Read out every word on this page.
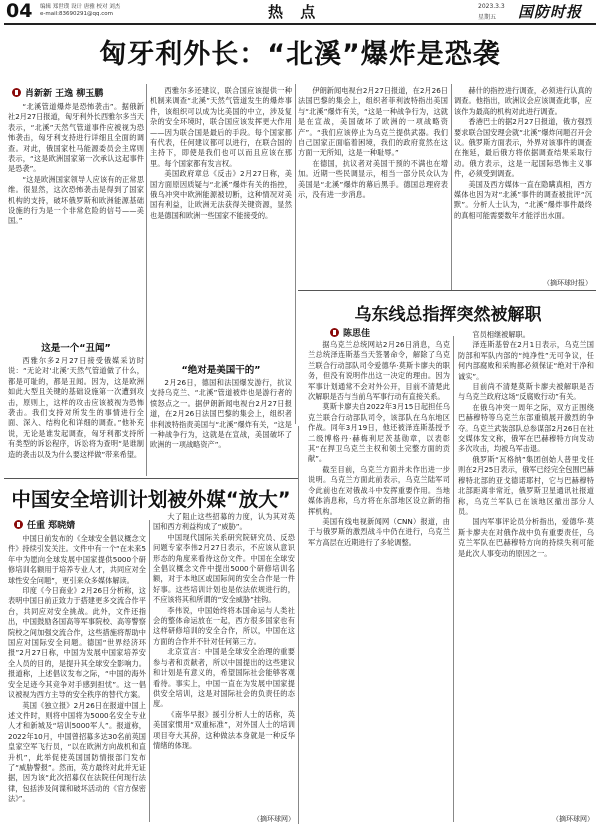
04 编辑 郑世璞 设计 唐雅 校对 刘杰
e-mail:83690291@qq.com	热 点	2023.3.3
星期五 国防时报
匈牙利外长：“北溪”爆炸是恐袭
肖新新 王逸 柳玉鹏

“北溪管道爆炸是恐怖袭击”。据俄新社2月27日报道，匈牙利外长西雅尔多当天表示，“北溪”天然气管道事件应被视为恐怖袭击，匈牙利支持进行详细且全面的调查。对此，俄国家杜马能源委员会主席则表示，“这是欧洲国家第一次承认这起事件是恐袭”。

“这是欧洲国家领导人应该有的正常思维。很显然，这次恐怖袭击是得到了国家机构的支持，破坏俄罗斯和欧洲能源基础设施的行为是一个非常危险的信号——美国。”

这是一个“丑闻”

西雅尔多2月27日接受俄媒采访时说：“无论对‘北溪’天然气管道做了什么，都是可耻的，都是丑闻。因为，这是欧洲如此大型且关键的基础设施第一次遭到攻击，原则上，这样的攻击应该被视为恐怖袭击。我们支持对所发生的事情进行全面、深入、结构化和详细的调查。”他补充说，无论是谁发起调查，匈牙利都支持所有类型的诉讼程序，诉讼将为查明“是谁制造的袭击以及为什么要这样做”带来希望。

西雅尔多还建议，联合国应该提供一种机制来调查“北溪”天然气管道发生的爆炸事件，该组织可以成为比美国的中立，涉及复杂的安全环境时，联合国应该发挥更大作用——因为联合国是最后的手段。每个国家都有代表，任何建议都可以进行，在联合国的主持下，即使是我们也可以而且应该在那里。每个国家都有发言权。

美国政府章总《反击》2月27日称，美国方面原因质疑与“北溪”爆炸有关的指控，俄乌冲突中欧洲能源被切断，这种情况对美国有利益，让欧洲无法获得关键资源，显然也是德国和欧洲一些国家不能接受的。

“绝对是美国干的”

2月26日，德国和法国爆发游行，抗议支持乌克兰、“北溪”管道被炸也是游行者的愤怒点之一。据伊朗新闻电视台2月27日报道，在2月26日法国巴黎的集会上，组织者非利波特指责美国与“北溪”爆炸有关，“这是一种战争行为，这就是在宣战，美国破坏了欧洲的一项战略资产”。

伊朗新闻电视台2月27日报道，在2月26日法国巴黎的集会上，组织者菲利波特指出美国与“北溪”爆炸有关，“这是一种战争行为，这就是在宣战，美国破坏了欧洲的一项战略资产”。“我们应该停止为乌克兰提供武器。我们自己国家正面临着困境，我们的政府竟然在这方面一无所知，这是一种耻辱。”

在德国，抗议者对美国干预的不满也在增加。近期一些民调显示，相当一部分民众认为美国是“北溪”爆炸的幕后黑手。德国总理府表示，没有进一步消息。

赫什的指控进行调查，必须进行认真的调查。他指出，欧洲议会应该调查此事，应该作为最高的机构对此进行调查。

香港巴士的据2月27日报道，俄方强烈要求联合国安理会就“北溪”爆炸问题召开会议。俄罗斯方面表示，外界对该事件的调查在拖延，最后俄方将依据调查结果采取行动。俄方表示，这是一起国际恐怖主义事件，必须受到调查。

美国及西方媒体一直在隐瞒真相，西方媒体也因为对“北溪”事件的调查被批评“沉默”。分析人士认为，“北溪”爆炸事件最终的真相可能需要数年才能浮出水面。

（摘环球时报）
乌东线总指挥突然被解职
陈思佳

据乌克兰总统网站2月26日消息，乌克兰总统泽连斯基当天签署命令，解除了乌克兰联合行动部队司令爱德华·莫斯卡廖夫的职务，但没有说明作出这一决定的理由。因为军事计划通常不会对外公开，目前不清楚此次解职是否与当前乌军事行动有直接关系。

莫斯卡廖夫自2022年3月15日起担任乌克兰联合行动部队司令，该部队在乌东地区作战。同年3月19日，他还被泽连斯基授予二级博格丹·赫梅利尼茨基勋章，以表彰其“在捍卫乌克兰主权和领土完整方面的贡献”。

截至目前，乌克兰方面并未作出进一步说明。乌克兰方面此前表示，乌克兰陆军司令此前也在对俄战斗中发挥重要作用。当地媒体消息称，乌方将在东部地区设立新的指挥机构。

美国有线电视新闻网（CNN）报道，由于与俄罗斯的激烈战斗中仍在进行，乌克兰军方高层在近期进行了多轮调整。

官员相继被解职。

泽连斯基曾在2月1日表示，乌克兰国防部和军队内部的“纯净性”无可争议，任何内部腐败和采购都必须保证“绝对干净和诚实”。

目前尚不清楚莫斯卡廖夫被解职是否与乌克兰政府这场“反腐败行动”有关。

在俄乌冲突一周年之际，双方正围绕巴赫穆特等乌克兰东部重镇展开激烈的争夺。乌克兰武装部队总参谋部2月26日在社交媒体发文称，俄军在巴赫穆特方向发动多次攻击，均被乌军击退。

俄罗斯“瓦格纳”集团创始人普里戈任则在2月25日表示，俄军已经完全包围巴赫穆特北部的亚戈德诺耶村，它与巴赫穆特北部距离非常近，俄罗斯卫星通讯社报道称，乌克兰军队已在该地区撤出部分人员。

国内军事评论员分析指出，爱德华·莫斯卡廖夫在对俄作战中负有重要责任，乌克兰军队在巴赫穆特方向的持续失利可能是此次人事变动的原因之一。

（摘环球网）
中国安全培训计划被外媒“放大”
任重 郑晓婧

中国日前发布的《全球安全倡议概念文件》持续引发关注。文件中有一个“在未来5年中为愿向全球发展中国家提供5000个研修培训名额用于培养专业人才，共同应对全球性安全问题”，更引来众多媒体解读。

印度《今日商业》2月26日分析称，这表明中国日前正致力于搭建更多交流合作平台，共同应对安全挑战。此外，文件还指出，中国鼓励各国高等军事院校、高等警察院校之间加强交流合作，这些措施将帮助中国应对国际安全问题。德国“世界经济环报”2月27日称，中国为发展中国家培养安全人员的目的，是提升其全球安全影响力。报道称，上述倡议发布之际，“中国的海外安全足迹今其竞争对手感到担忧”。这一倡议被视为西方主导的安全秩序的替代方案。

英国《独立报》2月26日在报道中国上述文件时，则将中国将为5000名安全专业人才和新城及“培训5000军人”。报道称，2022年10月，中国曾招募多达30名前英国皇家空军飞行员，“以在欧洲方向战机和直升机”，此举促使英国国防情报部门发布了“威胁警报”。然而，英方最终对此并无证据，因为该“此次招募仅在法院任何现行法律，包括涉及间谍和破坏活动的《官方保密法》”。

大了阻止这些招募的力度，认为其对英国和西方利益构成了“威胁”。

中国现代国际关系研究院研究员、反恐问题专家李伟2月27日表示，不应该从意识形态的角度来看待这份文件。中国在全球安全倡议概念文件中提出5000个研修培训名额，对于本地区或国际间的安全合作是一件好事。这些培训计划也是依法依规进行的，不应该将其和所谓的“安全威胁”挂钩。

李伟说，中国始终将本国命运与人类社会的整体命运放在一起，西方很多国家也有这样研修培训的安全合作，所以，中国在这方面的合作并不针对任何第三方。

北京宣言：中国是全球安全治理的重要参与者和贡献者，所以中国提出的这些建议和计划是有意义的，希望国际社会能够客观看待。事实上，中国一直在为发展中国家提供安全培训，这是对国际社会的负责任的态度。

《南华早报》援引分析人士的话称，英美国家惯用“双重标准”，对外国人士的培训项目夸大其辞，这种做法本身就是一种反华情绪的体现。

（摘环球网）
